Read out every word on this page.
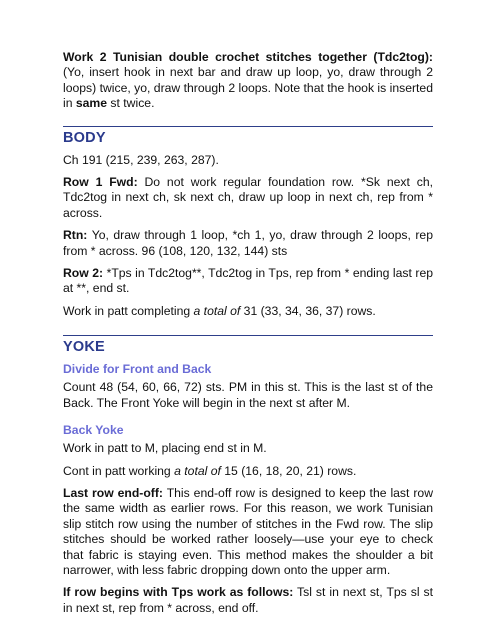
Work 2 Tunisian double crochet stitches together (Tdc2tog): (Yo, insert hook in next bar and draw up loop, yo, draw through 2 loops) twice, yo, draw through 2 loops. Note that the hook is inserted in same st twice.

BODY

Ch 191 (215, 239, 263, 287).

Row 1 Fwd: Do not work regular foundation row. *Sk next ch, Tdc2tog in next ch, sk next ch, draw up loop in next ch, rep from * across.

Rtn: Yo, draw through 1 loop, *ch 1, yo, draw through 2 loops, rep from * across. 96 (108, 120, 132, 144) sts

Row 2: *Tps in Tdc2tog**, Tdc2tog in Tps, rep from * ending last rep at **, end st.

Work in patt completing a total of 31 (33, 34, 36, 37) rows.

YOKE
Divide for Front and Back

Count 48 (54, 60, 66, 72) sts. PM in this st. This is the last st of the Back. The Front Yoke will begin in the next st after M.

Back Yoke

Work in patt to M, placing end st in M.

Cont in patt working a total of 15 (16, 18, 20, 21) rows.

Last row end-off: This end-off row is designed to keep the last row the same width as earlier rows. For this reason, we work Tunisian slip stitch row using the number of stitches in the Fwd row. The slip stitches should be worked rather loosely—use your eye to check that fabric is staying even. This method makes the shoulder a bit narrower, with less fabric dropping down onto the upper arm.

If row begins with Tps work as follows: Tsl st in next st, Tps sl st in next st, rep from * across, end off.
